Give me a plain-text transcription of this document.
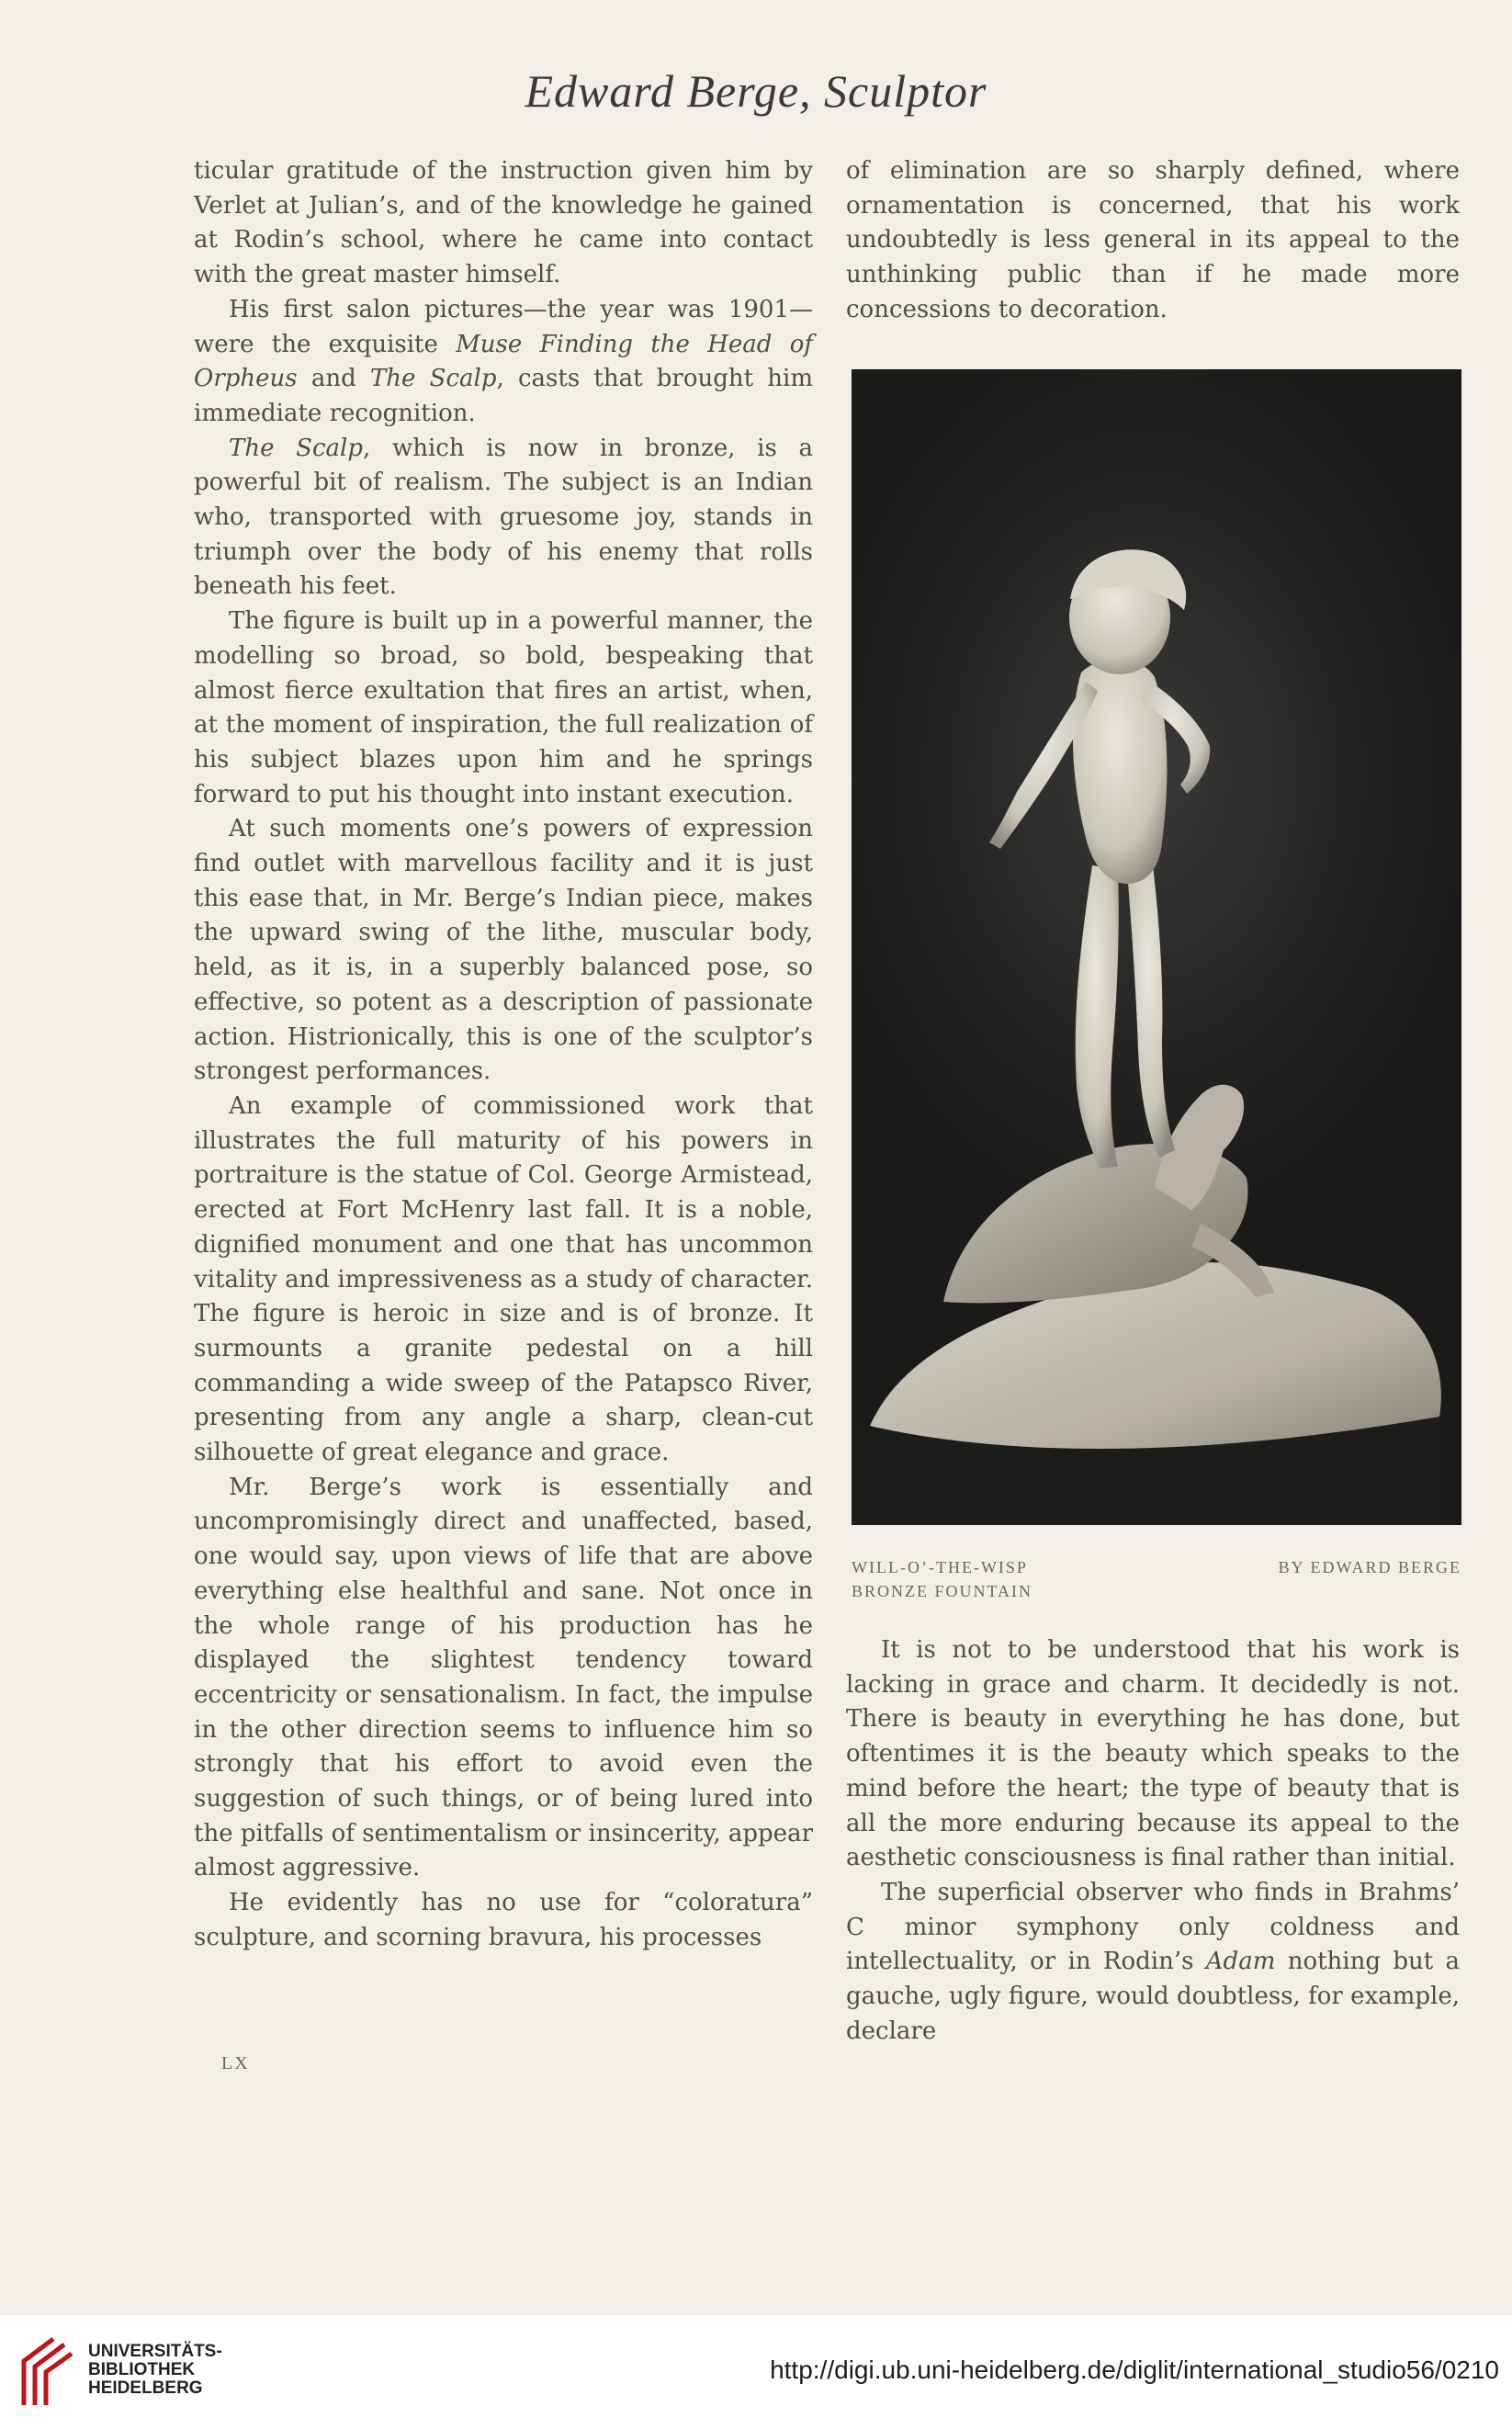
Edward Berge, Sculptor

ticular gratitude of the instruction given him by Verlet at Julian’s, and of the knowledge he gained at Rodin’s school, where he came into contact with the great master himself.

His first salon pictures—the year was 1901—were the exquisite Muse Finding the Head of Orpheus and The Scalp, casts that brought him immediate recognition.

The Scalp, which is now in bronze, is a powerful bit of realism. The subject is an Indian who, transported with gruesome joy, stands in triumph over the body of his enemy that rolls beneath his feet.

The figure is built up in a powerful manner, the modelling so broad, so bold, bespeaking that almost fierce exultation that fires an artist, when, at the moment of inspiration, the full realization of his subject blazes upon him and he springs forward to put his thought into instant execution.

At such moments one’s powers of expression find outlet with marvellous facility and it is just this ease that, in Mr. Berge’s Indian piece, makes the upward swing of the lithe, muscular body, held, as it is, in a superbly balanced pose, so effective, so potent as a description of passionate action. Histrionically, this is one of the sculptor’s strongest performances.

An example of commissioned work that illustrates the full maturity of his powers in portraiture is the statue of Col. George Armistead, erected at Fort McHenry last fall. It is a noble, dignified monument and one that has uncommon vitality and impressiveness as a study of character. The figure is heroic in size and is of bronze. It surmounts a granite pedestal on a hill commanding a wide sweep of the Patapsco River, presenting from any angle a sharp, clean-cut silhouette of great elegance and grace.

Mr. Berge’s work is essentially and uncompromisingly direct and unaffected, based, one would say, upon views of life that are above everything else healthful and sane. Not once in the whole range of his production has he displayed the slightest tendency toward eccentricity or sensationalism. In fact, the impulse in the other direction seems to influence him so strongly that his effort to avoid even the suggestion of such things, or of being lured into the pitfalls of sentimentalism or insincerity, appear almost aggressive.

He evidently has no use for “coloratura” sculpture, and scorning bravura, his processes

of elimination are so sharply defined, where ornamentation is concerned, that his work undoubtedly is less general in its appeal to the unthinking public than if he made more concessions to decoration.

WILL-O’-THE-WISP
BRONZE FOUNTAIN
BY EDWARD BERGE

It is not to be understood that his work is lacking in grace and charm. It decidedly is not. There is beauty in everything he has done, but oftentimes it is the beauty which speaks to the mind before the heart; the type of beauty that is all the more enduring because its appeal to the aesthetic consciousness is final rather than initial.

The superficial observer who finds in Brahms’ C minor symphony only coldness and intellectuality, or in Rodin’s Adam nothing but a gauche, ugly figure, would doubtless, for example, declare

LX
UNIVERSITÄTS-
BIBLIOTHEK
HEIDELBERG
http://digi.ub.uni-heidelberg.de/diglit/international_studio56/0210
